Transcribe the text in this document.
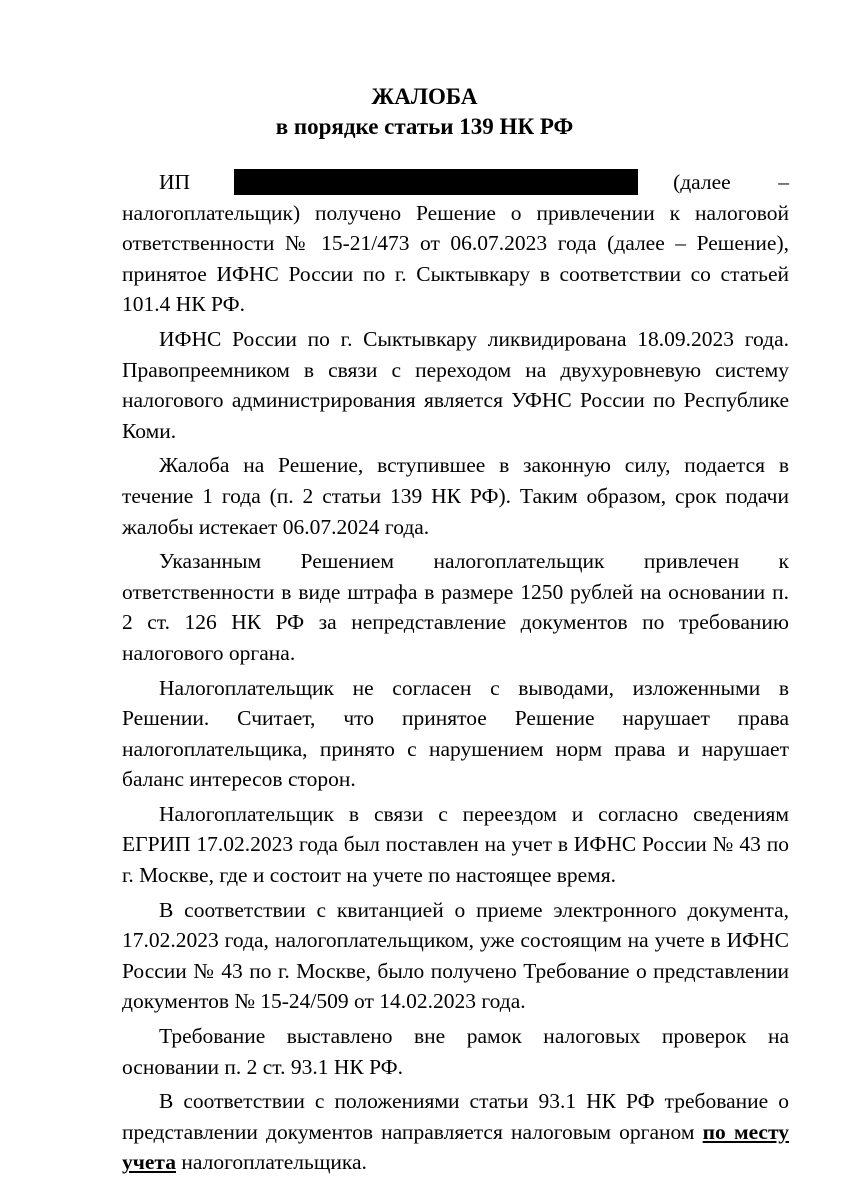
ЖАЛОБА
в порядке статьи 139 НК РФ
ИП	(далее –

налогоплательщик) получено Решение о привлечении к налоговой ответственности № 15-21/473 от 06.07.2023 года (далее – Решение), принятое ИФНС России по г. Сыктывкару в соответствии со статьей 101.4 НК РФ.

ИФНС России по г. Сыктывкару ликвидирована 18.09.2023 года. Правопреемником в связи с переходом на двухуровневую систему налогового администрирования является УФНС России по Республике Коми.

Жалоба на Решение, вступившее в законную силу, подается в течение 1 года (п. 2 статьи 139 НК РФ). Таким образом, срок подачи жалобы истекает 06.07.2024 года.

Указанным Решением налогоплательщик привлечен к ответственности в виде штрафа в размере 1250 рублей на основании п. 2 ст. 126 НК РФ за непредставление документов по требованию налогового органа.

Налогоплательщик не согласен с выводами, изложенными в Решении. Считает, что принятое Решение нарушает права налогоплательщика, принято с нарушением норм права и нарушает баланс интересов сторон.

Налогоплательщик в связи с переездом и согласно сведениям ЕГРИП 17.02.2023 года был поставлен на учет в ИФНС России № 43 по г. Москве, где и состоит на учете по настоящее время.

В соответствии с квитанцией о приеме электронного документа, 17.02.2023 года, налогоплательщиком, уже состоящим на учете в ИФНС России № 43 по г. Москве, было получено Требование о представлении документов № 15-24/509 от 14.02.2023 года.

Требование выставлено вне рамок налоговых проверок на основании п. 2 ст. 93.1 НК РФ.

В соответствии с положениями статьи 93.1 НК РФ требование о представлении документов направляется налоговым органом по месту учета налогоплательщика.
